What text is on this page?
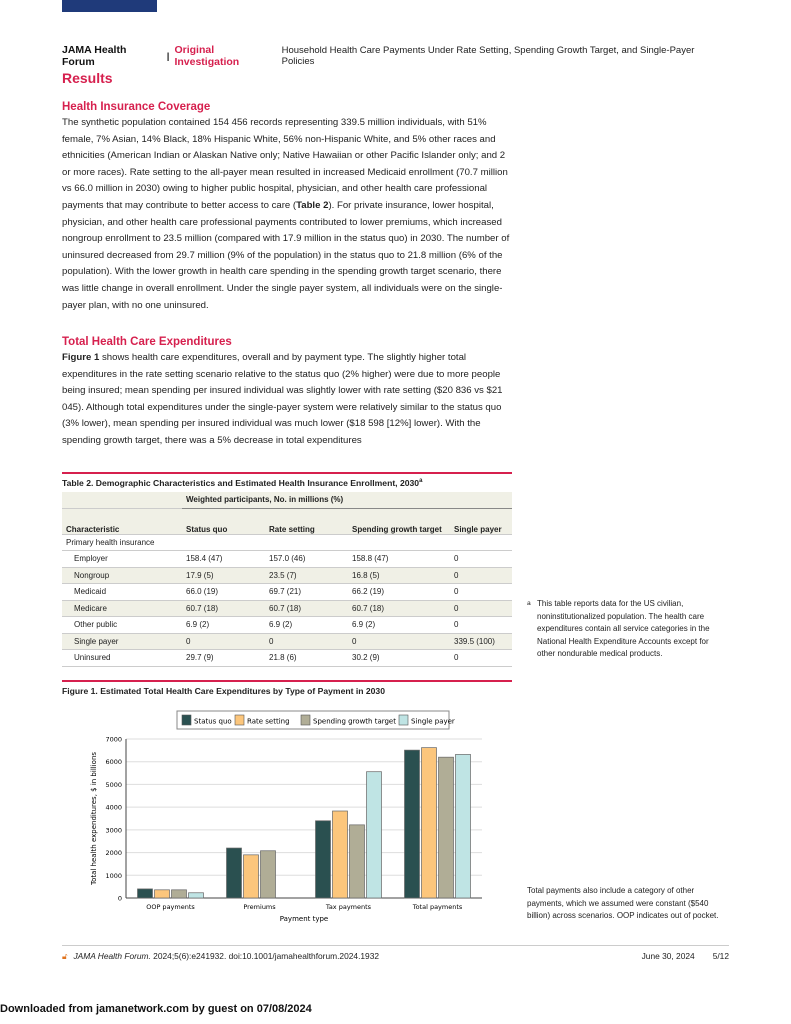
JAMA Health Forum	| Original Investigation
Household Health Care Payments Under Rate Setting, Spending Growth Target, and Single-Payer Policies
Results
Health Insurance Coverage

The synthetic population contained 154 456 records representing 339.5 million individuals, with 51% female, 7% Asian, 14% Black, 18% Hispanic White, 56% non-Hispanic White, and 5% other races and ethnicities (American Indian or Alaskan Native only; Native Hawaiian or other Pacific Islander only; and 2 or more races). Rate setting to the all-payer mean resulted in increased Medicaid enrollment (70.7 million vs 66.0 million in 2030) owing to higher public hospital, physician, and other health care professional payments that may contribute to better access to care (Table 2). For private insurance, lower hospital, physician, and other health care professional payments contributed to lower premiums, which increased nongroup enrollment to 23.5 million (compared with 17.9 million in the status quo) in 2030. The number of uninsured decreased from 29.7 million (9% of the population) in the status quo to 21.8 million (6% of the population). With the lower growth in health care spending in the spending growth target scenario, there was little change in overall enrollment. Under the single payer system, all individuals were on the single-payer plan, with no one uninsured.

Total Health Care Expenditures

Figure 1 shows health care expenditures, overall and by payment type. The slightly higher total expenditures in the rate setting scenario relative to the status quo (2% higher) were due to more people being insured; mean spending per insured individual was slightly lower with rate setting ($20 836 vs $21 045). Although total expenditures under the single-payer system were relatively similar to the status quo (3% lower), mean spending per insured individual was much lower ($18 598 [12%] lower). With the spending growth target, there was a 5% decrease in total expenditures

Table 2. Demographic Characteristics and Estimated Health Insurance Enrollment, 2030$^a$
	Weighted participants, No. in millions (%)			
Characteristic	Status quo	Rate setting	Spending growth target	Single payer
Primary health insurance				
Employer	158.4 (47)	157.0 (46)	158.8 (47)	0
Nongroup	17.9 (5)	23.5 (7)	16.8 (5)	0
Medicaid	66.0 (19)	69.7 (21)	66.2 (19)	0
Medicare	60.7 (18)	60.7 (18)	60.7 (18)	0
Other public	6.9 (2)	6.9 (2)	6.9 (2)	0
Single payer	0	0	0	339.5 (100)
Uninsured	29.7 (9)	21.8 (6)	30.2 (9)	0
a This table reports data for the US civilian, noninstitutionalized population. The health care expenditures contain all service categories in the National Health Expenditure Accounts except for other nondurable medical products.
Figure 1. Estimated Total Health Care Expenditures by Type of Payment in 2030
Status quo Rate setting	Spending growth target Single payer
0
1000
2000
3000
4000
5000
6000
7000
OOP payments	Premiums	Tax payments	Total payments
Payment type
Total health expenditures, $ in billions
Total payments also include a category of other payments, which we assumed were constant ($540 billion) across scenarios. OOP indicates out of pocket.
🔓︎ JAMA Health Forum. 2024;5(6):e241932. doi:10.1001/jamahealthforum.2024.1932	June 30, 2024 5/12
Downloaded from jamanetwork.com by guest on 07/08/2024
